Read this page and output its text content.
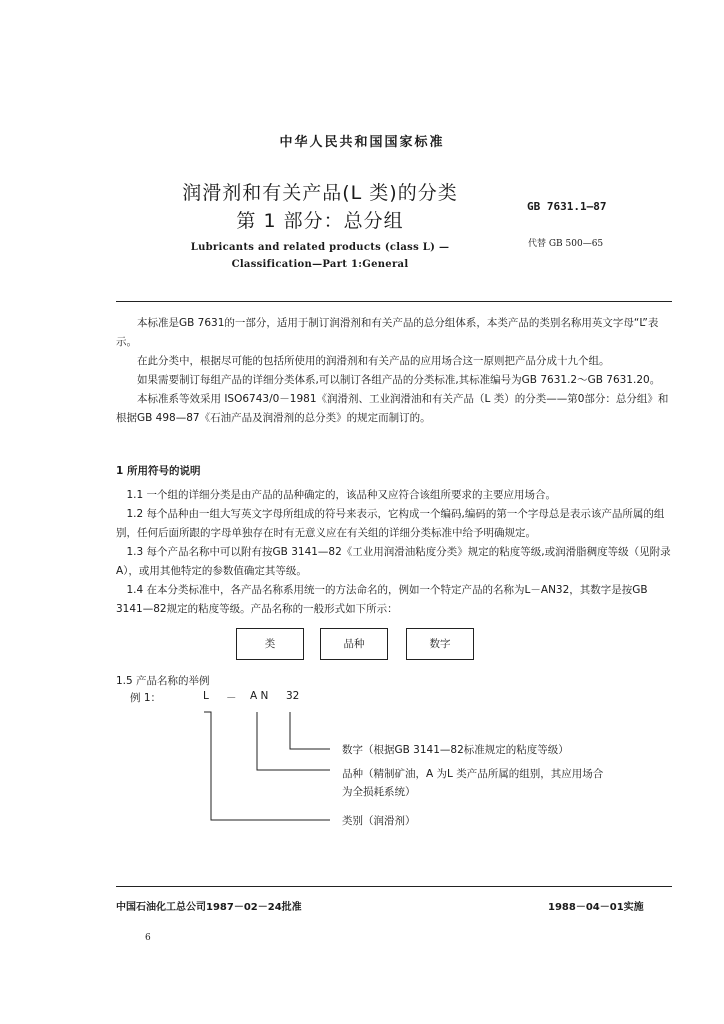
中华人民共和国国家标准
润滑剂和有关产品(L 类)的分类
第 1 部分：总分组
Lubricants and related products (class L) —
Classification—Part 1:General
GB 7631.1—87
代替 GB 500—65

本标准是GB 7631的一部分，适用于制订润滑剂和有关产品的总分组体系，本类产品的类别名称用英文字母“L”表示。

在此分类中，根据尽可能的包括所使用的润滑剂和有关产品的应用场合这一原则把产品分成十九个组。

如果需要制订每组产品的详细分类体系,可以制订各组产品的分类标准,其标准编号为GB 7631.2～GB 7631.20。

本标准系等效采用 ISO6743/0－1981《润滑剂、工业润滑油和有关产品（L 类）的分类——第0部分：总分组》和根据GB 498—87《石油产品及润滑剂的总分类》的规定而制订的。

1 所用符号的说明

1.1 一个组的详细分类是由产品的品种确定的，该品种又应符合该组所要求的主要应用场合。

1.2 每个品种由一组大写英文字母所组成的符号来表示，它构成一个编码,编码的第一个字母总是表示该产品所属的组别，任何后面所跟的字母单独存在时有无意义应在有关组的详细分类标准中给予明确规定。

1.3 每个产品名称中可以附有按GB 3141—82《工业用润滑油粘度分类》规定的粘度等级,或润滑脂稠度等级（见附录A），或用其他特定的参数值确定其等级。

1.4 在本分类标准中，各产品名称系用统一的方法命名的，例如一个特定产品的名称为L－AN32，其数字是按GB 3141—82规定的粘度等级。产品名称的一般形式如下所示：

类	品种	数字
1.5 产品名称的举例
例 1：	L － A N 32
数字（根据GB 3141—82标准规定的粘度等级）
品种（精制矿油，A 为L 类产品所属的组别，其应用场合
为全损耗系统）
类别（润滑剂）
中国石油化工总公司1987－02－24批准	1988－04－01实施
6
